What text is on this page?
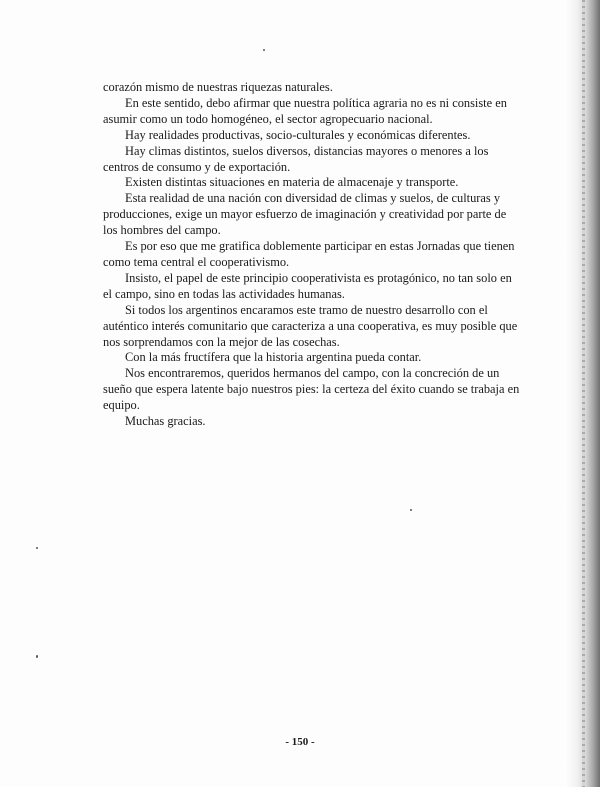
corazón mismo de nuestras riquezas naturales.

En este sentido, debo afirmar que nuestra política agraria no es ni consiste en asumir como un todo homogéneo, el sector agropecuario nacional.

Hay realidades productivas, socio-culturales y económicas diferentes.

Hay climas distintos, suelos diversos, distancias mayores o menores a los centros de consumo y de exportación.

Existen distintas situaciones en materia de almacenaje y transporte.

Esta realidad de una nación con diversidad de climas y suelos, de culturas y producciones, exige un mayor esfuerzo de imaginación y creatividad por parte de los hombres del campo.

Es por eso que me gratifica doblemente participar en estas Jornadas que tienen como tema central el cooperativismo.

Insisto, el papel de este principio cooperativista es protagónico, no tan solo en el campo, sino en todas las actividades humanas.

Si todos los argentinos encaramos este tramo de nuestro desarrollo con el auténtico interés comunitario que caracteriza a una cooperativa, es muy posible que nos sorprendamos con la mejor de las cosechas.

Con la más fructífera que la historia argentina pueda contar.

Nos encontraremos, queridos hermanos del campo, con la concreción de un sueño que espera latente bajo nuestros pies: la certeza del éxito cuando se trabaja en equipo.

Muchas gracias.

- 150 -
